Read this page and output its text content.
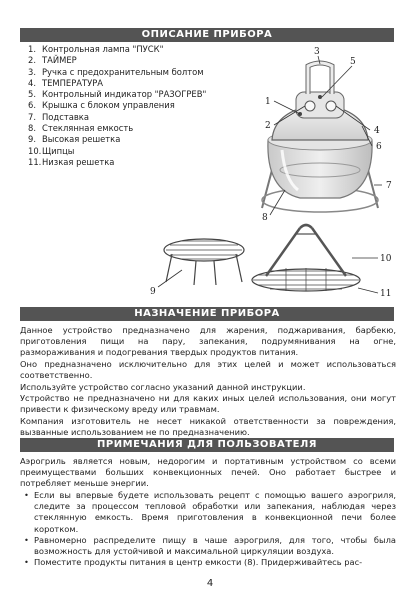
ОПИСАНИЕ ПРИБОРА
1. Контрольная лампа "ПУСК"
2. ТАЙМЕР
3. Ручка с предохранительным болтом
4. ТЕМПЕРАТУРА
5. Контрольный индикатор "РАЗОГРЕВ"
6. Крышка с блоком управления
7. Подставка
8. Стеклянная емкость
9. Высокая решетка
10.Щипцы
11.Низкая решетка
1
2
3
4
5
6
7
8
9
10
11
НАЗНАЧЕНИЕ ПРИБОРА

Данное устройство предназначено для жарения, поджаривания, барбекю, приготовления пищи на пару, запекания, подрумянивания на огне, размораживания и подогревания твердых продуктов питания.

Оно предназначено исключительно для этих целей и может использоваться соответственно.

Используйте устройство согласно указаний данной инструкции.

Устройство не предназначено ни для каких иных целей использования, они могут привести к физическому вреду или травмам.

Компания изготовитель не несет никакой ответственности за повреждения, вызванные использованием не по предназначению.

ПРИМЕЧАНИЯ ДЛЯ ПОЛЬЗОВАТЕЛЯ

Аэрогриль является новым, недорогим и портативным устройством со всеми преимуществами больших конвекционных печей. Оно работает быстрее и потребляет меньше энергии.

• Если вы впервые будете использовать рецепт с помощью вашего аэрогриля, следите за процессом тепловой обработки или запекания, наблюдая через стеклянную емкость. Время приготовления в конвекционной печи более коротком.
• Равномерно распределите пищу в чаше аэрогриля, для того, чтобы была возможность для устойчивой и максимальной циркуляции воздуха.
• Поместите продукты питания в центр емкости (8). Придерживайтесь рас-
4
